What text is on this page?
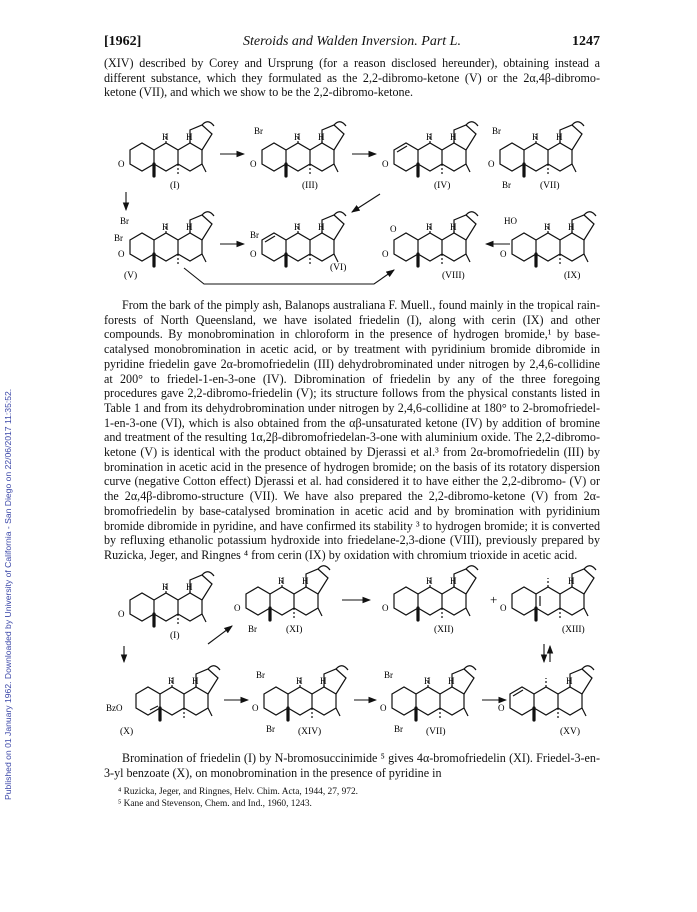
Published on 01 January 1962. Downloaded by University of California - San Diego on 22/06/2017 11:35:52.
[1962]	Steroids and Walden Inversion. Part L.	1247

(XIV) described by Corey and Ursprung (for a reason disclosed hereunder), obtaining instead a different substance, which they formulated as the 2,2-dibromo-ketone (V) or the 2α,4β-dibromo-ketone (VII), and which we show to be the 2,2-dibromo-ketone.

O
H H
(I)
O
Br
H H
(III)
O
H H
(IV)
O
Br
Br
H H
(VII)
O
Br
Br
H H
(V)
O
Br
H H
(VI)
O
O	H H
(VIII)
O
HO
H H
(IX)

From the bark of the pimply ash, Balanops australiana F. Muell., found mainly in the tropical rain-forests of North Queensland, we have isolated friedelin (I), along with cerin (IX) and other compounds. By monobromination in chloroform in the presence of hydrogen bromide,¹ by base-catalysed monobromination in acetic acid, or by treatment with pyridinium bromide dibromide in pyridine friedelin gave 2α-bromofriedelin (III) dehydrobrominated under nitrogen by 2,4,6-collidine at 200° to friedel-1-en-3-one (IV). Dibromination of friedelin by any of the three foregoing procedures gave 2,2-dibromo-friedelin (V); its structure follows from the physical constants listed in Table 1 and from its dehydrobromination under nitrogen by 2,4,6-collidine at 180° to 2-bromofriedel-1-en-3-one (VI), which is also obtained from the αβ-unsaturated ketone (IV) by addition of bromine and treatment of the resulting 1α,2β-dibromofriedelan-3-one with aluminium oxide. The 2,2-dibromo-ketone (V) is identical with the product obtained by Djerassi et al.³ from 2α-bromofriedelin (III) by bromination in acetic acid in the presence of hydrogen bromide; on the basis of its rotatory dispersion curve (negative Cotton effect) Djerassi et al. had considered it to have either the 2,2-dibromo- (V) or the 2α,4β-dibromo-structure (VII). We have also prepared the 2,2-dibromo-ketone (V) from 2α-bromofriedelin by base-catalysed bromination in acetic acid and by bromination with pyridinium bromide dibromide in pyridine, and have confirmed its stability ³ to hydrogen bromide; it is converted by refluxing ethanolic potassium hydroxide into friedelane-2,3-dione (VIII), previously prepared by Ruzicka, Jeger, and Ringnes ⁴ from cerin (IX) by oxidation with chromium trioxide in acetic acid.

O
H H
(I)
O
Br
H H
(XI)
O
H H
(XII)
+
O
H
(XIII)
BzO
H H
(X)
O
Br
Br
H H
(XIV)
O
Br
Br
H H
(VII)
O
H
(XV)

Bromination of friedelin (I) by N-bromosuccinimide ⁵ gives 4α-bromofriedelin (XI). Friedel-3-en-3-yl benzoate (X), on monobromination in the presence of pyridine in

⁴ Ruzicka, Jeger, and Ringnes, Helv. Chim. Acta, 1944, 27, 972.
⁵ Kane and Stevenson, Chem. and Ind., 1960, 1243.
